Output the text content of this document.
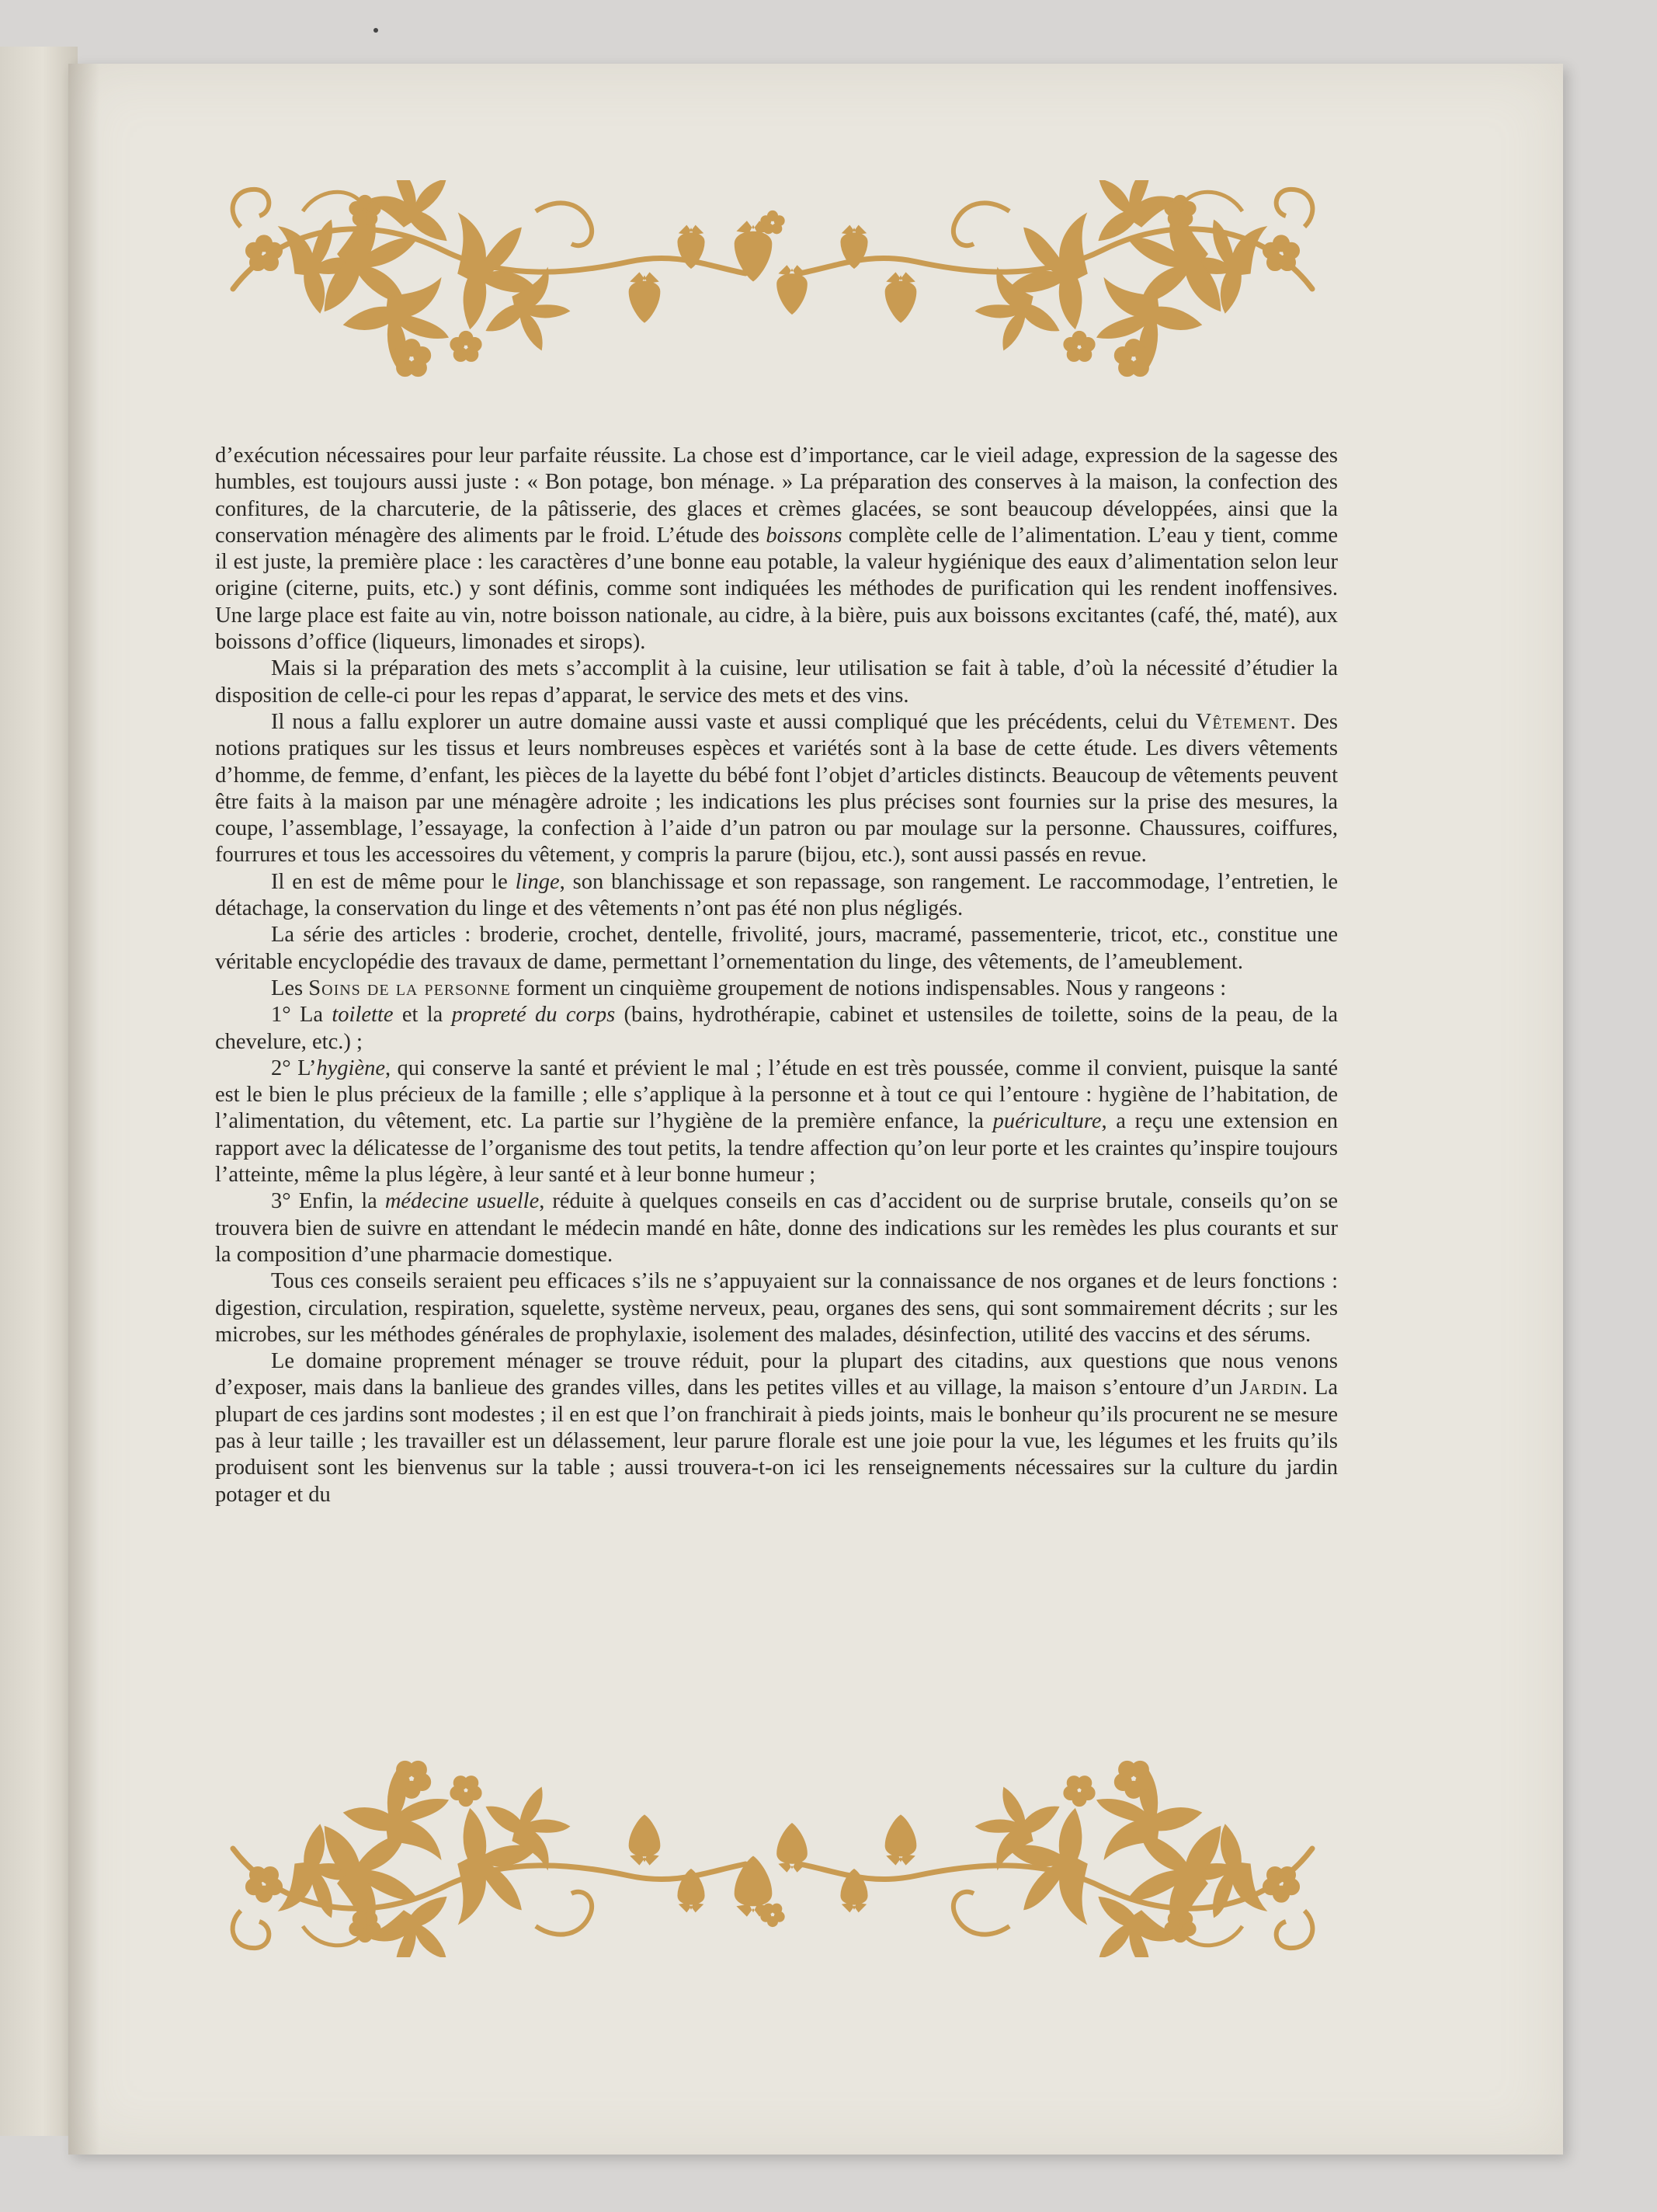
d’exécution nécessaires pour leur parfaite réussite. La chose est d’importance, car le vieil adage, expression de la sagesse des humbles, est toujours aussi juste : « Bon potage, bon ménage. » La préparation des conserves à la maison, la confection des confitures, de la charcuterie, de la pâtisserie, des glaces et crèmes glacées, se sont beaucoup développées, ainsi que la conservation ménagère des aliments par le froid. L’étude des boissons complète celle de l’alimentation. L’eau y tient, comme il est juste, la première place : les caractères d’une bonne eau potable, la valeur hygiénique des eaux d’alimentation selon leur origine (citerne, puits, etc.) y sont définis, comme sont indiquées les méthodes de purification qui les rendent inoffensives. Une large place est faite au vin, notre boisson nationale, au cidre, à la bière, puis aux boissons excitantes (café, thé, maté), aux boissons d’office (liqueurs, limonades et sirops).

Mais si la préparation des mets s’accomplit à la cuisine, leur utilisation se fait à table, d’où la nécessité d’étudier la disposition de celle-ci pour les repas d’apparat, le service des mets et des vins.

Il nous a fallu explorer un autre domaine aussi vaste et aussi compliqué que les précédents, celui du Vêtement. Des notions pratiques sur les tissus et leurs nombreuses espèces et variétés sont à la base de cette étude. Les divers vêtements d’homme, de femme, d’enfant, les pièces de la layette du bébé font l’objet d’articles distincts. Beaucoup de vêtements peuvent être faits à la maison par une ménagère adroite ; les indications les plus précises sont fournies sur la prise des mesures, la coupe, l’assemblage, l’essayage, la confection à l’aide d’un patron ou par moulage sur la personne. Chaussures, coiffures, fourrures et tous les accessoires du vêtement, y compris la parure (bijou, etc.), sont aussi passés en revue.

Il en est de même pour le linge, son blanchissage et son repassage, son rangement. Le raccommodage, l’entretien, le détachage, la conservation du linge et des vêtements n’ont pas été non plus négligés.

La série des articles : broderie, crochet, dentelle, frivolité, jours, macramé, passementerie, tricot, etc., constitue une véritable encyclopédie des travaux de dame, permettant l’ornementation du linge, des vêtements, de l’ameublement.

Les Soins de la personne forment un cinquième groupement de notions indispensables. Nous y rangeons :

1° La toilette et la propreté du corps (bains, hydrothérapie, cabinet et ustensiles de toilette, soins de la peau, de la chevelure, etc.) ;

2° L’hygiène, qui conserve la santé et prévient le mal ; l’étude en est très poussée, comme il convient, puisque la santé est le bien le plus précieux de la famille ; elle s’applique à la personne et à tout ce qui l’entoure : hygiène de l’habitation, de l’alimentation, du vêtement, etc. La partie sur l’hygiène de la première enfance, la puériculture, a reçu une extension en rapport avec la délicatesse de l’organisme des tout petits, la tendre affection qu’on leur porte et les craintes qu’inspire toujours l’atteinte, même la plus légère, à leur santé et à leur bonne humeur ;

3° Enfin, la médecine usuelle, réduite à quelques conseils en cas d’accident ou de surprise brutale, conseils qu’on se trouvera bien de suivre en attendant le médecin mandé en hâte, donne des indications sur les remèdes les plus courants et sur la composition d’une pharmacie domestique.

Tous ces conseils seraient peu efficaces s’ils ne s’appuyaient sur la connaissance de nos organes et de leurs fonctions : digestion, circulation, respiration, squelette, système nerveux, peau, organes des sens, qui sont sommairement décrits ; sur les microbes, sur les méthodes générales de prophylaxie, isolement des malades, désinfection, utilité des vaccins et des sérums.

Le domaine proprement ménager se trouve réduit, pour la plupart des citadins, aux questions que nous venons d’exposer, mais dans la banlieue des grandes villes, dans les petites villes et au village, la maison s’entoure d’un Jardin. La plupart de ces jardins sont modestes ; il en est que l’on franchirait à pieds joints, mais le bonheur qu’ils procurent ne se mesure pas à leur taille ; les travailler est un délassement, leur parure florale est une joie pour la vue, les légumes et les fruits qu’ils produisent sont les bienvenus sur la table ; aussi trouvera-t-on ici les renseignements nécessaires sur la culture du jardin potager et du
